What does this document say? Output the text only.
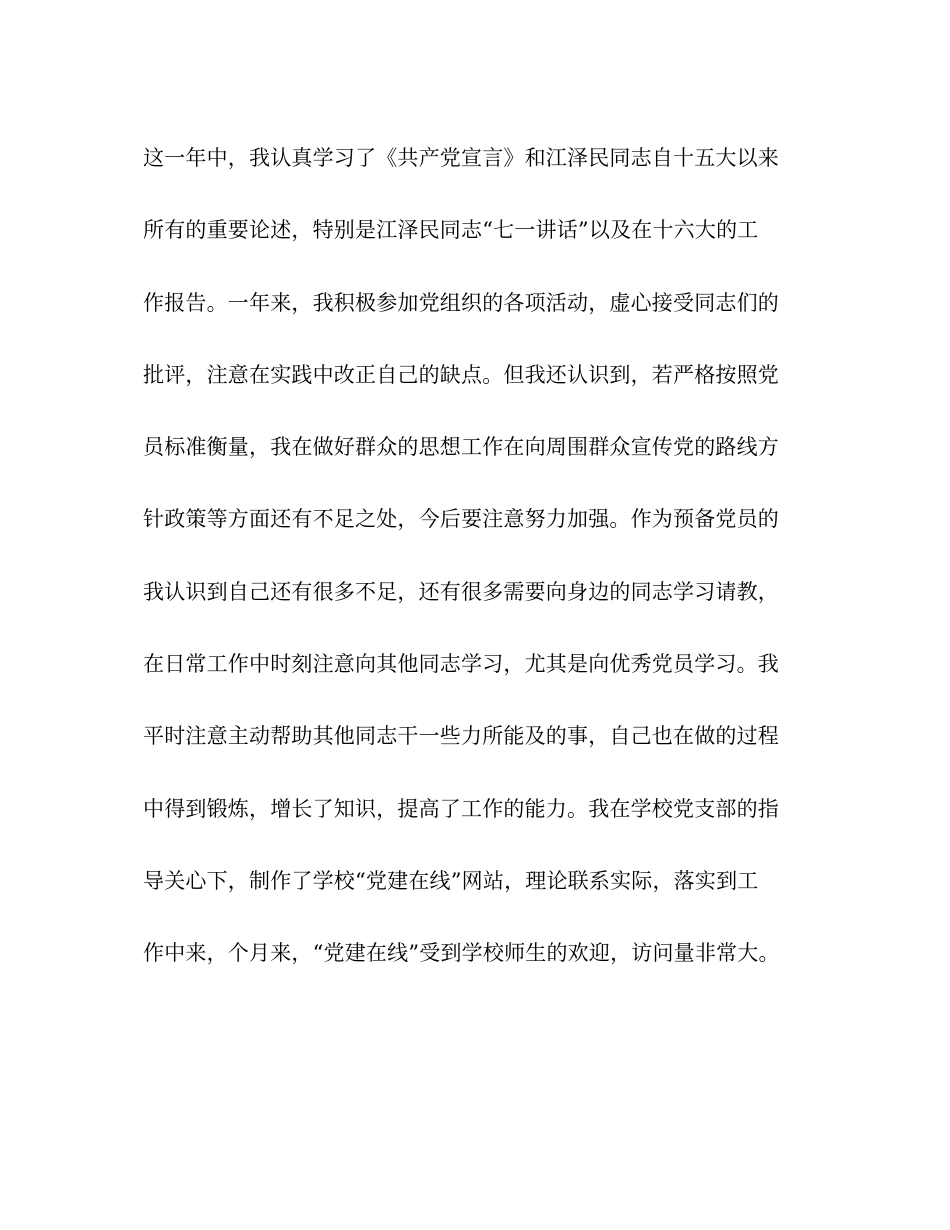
这一年中，我认真学习了《共产党宣言》和江泽民同志自十五大以来
所有的重要论述，特别是江泽民同志“七一讲话”以及在十六大的工
作报告。一年来，我积极参加党组织的各项活动，虚心接受同志们的
批评，注意在实践中改正自己的缺点。但我还认识到，若严格按照党
员标准衡量，我在做好群众的思想工作在向周围群众宣传党的路线方
针政策等方面还有不足之处，今后要注意努力加强。作为预备党员的
我认识到自己还有很多不足，还有很多需要向身边的同志学习请教，
在日常工作中时刻注意向其他同志学习，尤其是向优秀党员学习。我
平时注意主动帮助其他同志干一些力所能及的事，自己也在做的过程
中得到锻炼，增长了知识，提高了工作的能力。我在学校党支部的指
导关心下，制作了学校“党建在线”网站，理论联系实际，落实到工
作中来，个月来，“党建在线”受到学校师生的欢迎，访问量非常大。
